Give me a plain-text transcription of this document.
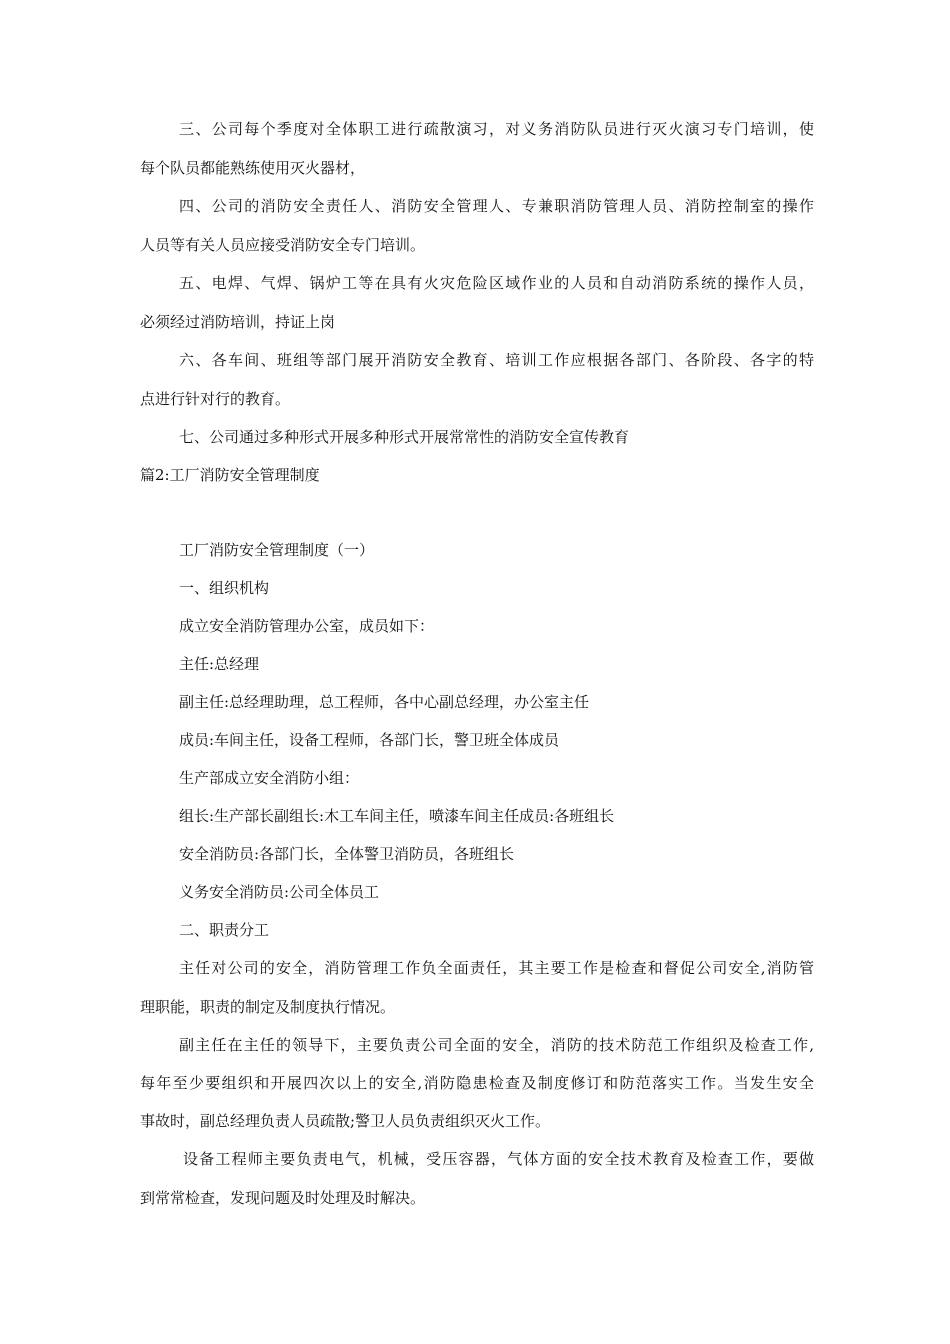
三、公司每个季度对全体职工进行疏散演习，对义务消防队员进行灭火演习专门培训，使

每个队员都能熟练使用灭火器材，

四、公司的消防安全责任人、消防安全管理人、专兼职消防管理人员、消防控制室的操作

人员等有关人员应接受消防安全专门培训。

五、电焊、气焊、锅炉工等在具有火灾危险区域作业的人员和自动消防系统的操作人员，

必须经过消防培训，持证上岗

六、各车间、班组等部门展开消防安全教育、培训工作应根据各部门、各阶段、各字的特

点进行针对行的教育。

七、公司通过多种形式开展多种形式开展常常性的消防安全宣传教育

篇2:工厂消防安全管理制度

工厂消防安全管理制度（一）

一、组织机构

成立安全消防管理办公室，成员如下：

主任:总经理

副主任:总经理助理，总工程师，各中心副总经理，办公室主任

成员:车间主任，设备工程师，各部门长，警卫班全体成员

生产部成立安全消防小组：

组长:生产部长副组长:木工车间主任，喷漆车间主任成员:各班组长

安全消防员:各部门长，全体警卫消防员，各班组长

义务安全消防员:公司全体员工

二、职责分工

主任对公司的安全，消防管理工作负全面责任，其主要工作是检查和督促公司安全,消防管

理职能，职责的制定及制度执行情况。

副主任在主任的领导下，主要负责公司全面的安全，消防的技术防范工作组织及检查工作,

每年至少要组织和开展四次以上的安全,消防隐患检查及制度修订和防范落实工作。当发生安全

事故时，副总经理负责人员疏散;警卫人员负责组织灭火工作。

设备工程师主要负责电气，机械，受压容器，气体方面的安全技术教育及检查工作，要做

到常常检查，发现问题及时处理及时解决。
